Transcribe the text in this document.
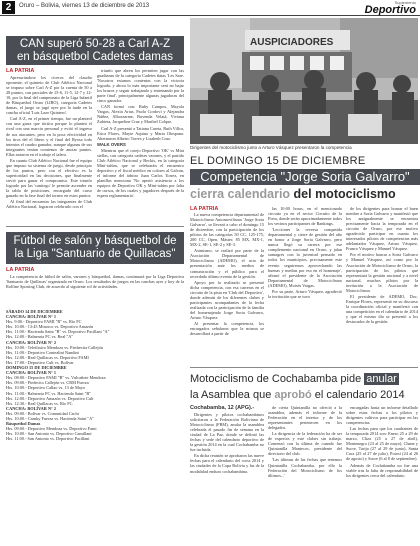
2	Oruro – Bolivia, viernes 13 de diciembre de 2013
Suplemento
Deportivo
CAN superó 50-28 a Carl A-Z
en básquetbol Cadetes damas
LA PATRIA

Apresurándose los cíceros del claudio oponente, el quinteto de Club Atlético Nacional se impuso sobre Carl A-Z por la cuenta de 50 a 28 puntos, con parciales de 15-6, 11-5, 12-7 y 12-10, por la final del campeonato de la Liga Infantil de Básquetbol Oruro (LIBO), categoría Cadetes damas, el juego se jugó ayer por la tarde en la cancha oficial 'Luis Lazo Quintero'.

Carl A-Z, en el primer tiempo, fue un planteol con una garra que táctica porque lo plantea el rival con una marcia personal y evitó el ingreso de sus atacantes, pero en la poca efectividad en los tiros del el libero y el final del Ryosa todo intentos el cuadro ganador, aunque algunas de sus integrantes tenían comienzo de anotar puntos. Ellas notaron en el trabajo el talero.

En cuanto Club Atlético Nacional fue el equipo que impuso su sistema de juego, desde principio de los puntos, pero con el efectivo es la superioridad en las decisiones, que finalmente sirvió para ganar el compromiso. Este triunfo logrado por las 'cantiego' le permite ascender en la tabla de posiciones, encargado del curso ganado en la fase final del torneo en estos puntos.

Al final del encuentro las integrantes de Club Atlético Nacional, lograron celebrarlo con el

triunfo que abren los permiten jugar con las guadianas de la categoría Cadetes ñatas 'Les Sare. 'Nosotros estamos contentas con la victoria lograda, y ahora lo más importante será no bajar los brazos y seguir trabajando y entrenando por la parte final', principalmente algunas jugadoras del cinco ganador.

CAN formó con: Ruby Campos, Mayola Vargas, Alexia Arias, Paola Cordoví y Alejandra Núñez, Alborzarme, Ruvenda Velatá, Viviana Zubieta, Jacqueline Cruz y Maribel Colque.

Carl A-Z presentó a Tatiana Careta, Ruth Villca, Erica Flores, Mayte Aquino y Maria Illospana. Alternaron Albeiro Torres y Lisabeth Cruz.

WALK OVERS

Mientras que el cotejo Deportivo 'OK' vs Mint stellas, con categoría cadetes varones, y el partido Club Atlético Nacional y Beckis, en la categoría Mini-tafúm, que se celebrarán el encuentro deportivo y el fiscal médico en colores al Galvan, el informe del árbitro Juan Carlos Torrez, en planillas menciona 'No apertó asistencia a los equipos de Deportivo OK y Mini-tafúm por falta de cursos, de los cuales y jugadores después de la espera reglamentaria'.

AUSPICIADORES
Dirigentes del motociclismo junto a Arturo Vásquez presentaron la competencia
EL DOMINGO 15 DE DICIEMBRE
Competencia "Jorge Soria Galvarro"
cierra calendario del motociclismo
LA PATRIA

La nueva competencia departamental de Motociclismo Automovilismo 'Jorge Soria Galvarro', se llevará a cabo el domingo 15 de diciembre, con la participación de los pilotos de las categorías 50 CC, 125-175, 200 CC, Open, Máster, 85 MX, MX-1, MX-2, SE-1, SE-2 y SE-3.

Asimismo, se realizó por parte de la Asociación Departamental de Motociclismo (ADEMO), el acto de presentación ante los medios de comunicación y el público para el recordado último evento de la gestión.

Apoyo por la realizado se presentó dicha competencia, con esa carreras en el circuito de la pista en 'Club del Deportivo', donde además de los diferentes clubes y participantes acompañantes de la fecha realizada con la participación de la familia del homenajeado Jorge Soria Galvarro, Arturo Vásquez.

Al presentar la competencia, los encargados señalaron que la misma se desarrollará a partir de

las 10:00 horas, en el mencionado circuito ya en el sector Circuito de la Fiera, donde serán aproximadamente todos los vecinos participantes de Rankings.

'Lecciones la reversa competida departamental y cierre de gestión del año en honor a Jorge Soria Galvarro, pero nunca llegó su carrera por ese complemento nacional en Oruro, y jalan sumagres con la juventud pensado en todos los municipios, precisamente este evento seguiremos aprovechando las buenas y medias por eso en el homenaje', afirmó el presidente de la Asociación Departamental de Motociclismo (ADEMO), Moisés Vargas.

Por su parte, Arturo Vásquez, agradeció la invitación que se tuvo

de los dirigentes para honrar el buen nombre a Soria Galvarro y manifestó que los antigualmente se encuentra precisamente hacia la temporada en el circuito de Oruro, por ese motivo agradecido participar en cuanto los interesados pilotos de competencias más adelantados Vásquez, Arturo Vásquez, Franco Vásquez y Manuel Vásquez.

Por el motivo honrar a Soria Galvarro y Manuel Vásquez, así como por la Asociación de Motociclismo de Oruro, la participación de los pilotos que representará la gestión nacional y a nivel nacional, muchos pilotos por la invitación a la Asociación de Motociclismo.

El presidente de ADEMO, Doc. Enrique Flores, representó en su discurso la coordinación oficial y manifestó con una competición en el calendario de 2014 y que el mismo día se presentó a los destacados de la gestión.

Fútbol de salón y básquetbol de
la Liga "Santuario de Quillacas"
LA PATRIA

La competencia de fútbol de salón, varones y básquetbol, damas, continuará por la Liga Deportiva 'Santuario de Quillacas' organizada en Oruro. Los resultados de juegos en las canchas ayer y hoy de la Rolfine Sporting Club, de acuerdo al siguiente rol de actividades.

SÁBADO 14 DE DICIEMBRE
CANCHA: BOLÍVAR N° 1
Hrs. 9:00.- Deportivo FAMI "B" vs. Río FC
Hrs. 10:00.- 13:45 Minorco vs. Deportivo Amazón
Hrs. 11:00.- Hacienda Saint "B" vs. Deportivo Pacillani "A"
Hrs. 12:00.- Balnearia FC vs. Real "A"
CANCHA: BOLÍVAR N° 2
Hrs. 10:00.- Telefónico Mendoza vs. Piedrecita Callejón
Hrs. 11:00.- Deportivo Contealini Nandini
Hrs. 12:00.- Real Quillacas vs. Deportivo FAMI
Hrs. 17:00.- Deportivo Cult vs. Bolívar
DOMINGO 15 DE DICIEMBRE
CANCHA: BOLÍVAR N° 1
Hrs. 08:00.- Deportivo FAMI "B" vs. Vulcañote Mendoza
Hrs. 09:00.- Piedecito Callejón vs. CRM Fuerza
Hrs. 10:00.- Deportivo Callao vs. 13 de Mayo
Hrs. 11:00.- Balnearia FC vs. Hacienda Saint "B"
Hrs. 12:00.- Deportivo Amazón vs. Deportivo Cult
Hrs. 12:30.- Real Quillacas vs. Río FC
CANCHA: BOLÍVAR N° 2
Hrs. 09:00.- Bolívar vs. Comunidad Cachi
Hrs. 10:00.- Cranky Fuerza vs. Hacienda Saint "A"
Básquetbol Damas
Hrs. 09:00.- Deportivo Mendoza vs. Deportivo Fami
Hrs. 10:00.- San Antonio vs. Deportivo Camillani
Hrs. 11:00.- San Antonio vs. Deportivo Pacillani
Motociclismo de Cochabamba pide anular
la Asamblea que aprobó el calendario 2014
Cochabamba, 12 (APG).-

Dirigentes y pilotos cochabambinos solicitaron a la Federación Boliviana de Motociclismo (FBM), anular la asamblea celebrada el pasado fin de semana en la ciudad de La Paz, donde se definió las fechas y sede del calendario deportivo de la gestión 2014 en la cual Cochabamba no fue incluida.

En dicha reunión se aprobaron las nueve fechas para el calendario del cross 2014 y las ciudades de la Copa Bolivia y las de la modalidad enduro cochabambina.

de cierta Quintanilla no ofreció a la asamblea, además el informe de la Federación en el interior y de los representantes pertenecen en los delegados.

La dirigencia de la federación ha de ser de expertos y este clubes sin trabajo. Comenzó con la última de cuando fue Quintanilla Mantecos, presidente del directorio del club.

'Las últimas de las fechas que tenemos Quintanilla Cochabamba, por ello la Federación del Motociclismo de los últimos...'

encargadas hasta un informe detallado sobre estas fechas a los pilotos y dirigentes cultivos para participar en las competencias.

Las fechas para que los cuadrantes de la temporada 2014 son: Enero 25 a 29 de marzo, Cliza (25 a 27 de abril), Montenegro (23 al 25 de mayo), Chane y Sucre, Tarija (27 al 29 de junio), Santa Cruz (25 al 27 de julio), Potosí (24 al 26 de agosto) y Sucre (6 al 8 de septiembre).

Además de Cochabamba no fue una viable tras la falta de responsabilidad de los dirigentes cerca del calendario.
